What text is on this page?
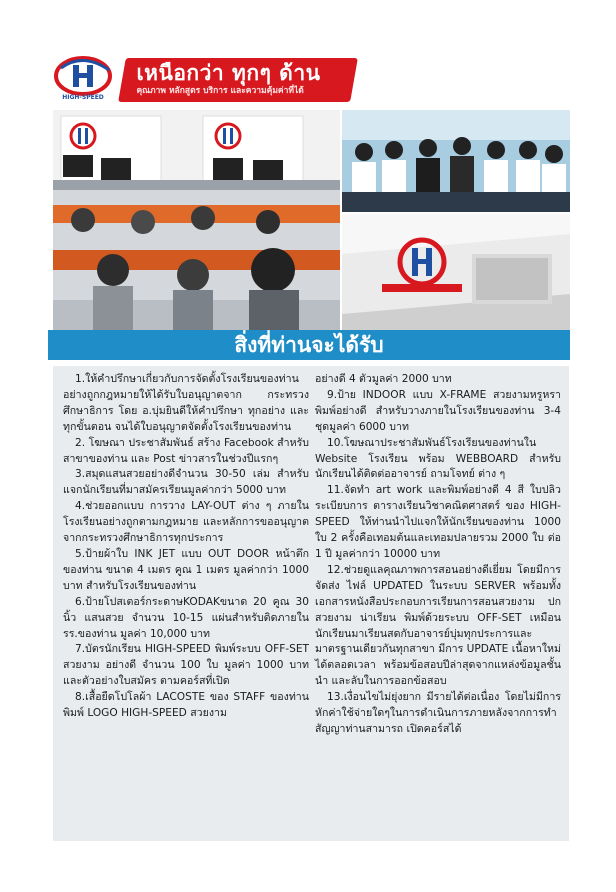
HIGH-SPEED
เหนือกว่า ทุกๆ ด้าน
คุณภาพ หลักสูตร บริการ และความคุ้มค่าที่ได้
สิ่งที่ท่านจะได้รับ

1.ให้คำปรึกษาเกี่ยวกับการจัดตั้งโรงเรียนของท่านอย่างถูกกฎหมายให้ได้รับใบอนุญาตจาก กระทรวงศึกษาธิการ โดย อ.บุ่มยินดีให้คำปรึกษา ทุกอย่าง และทุกขั้นตอน จนได้ใบอนุญาตจัดตั้งโรงเรียนของท่าน

2. โฆษณา ประชาสัมพันธ์ สร้าง Facebook สำหรับสาขาของท่าน และ Post ข่าวสารในช่วงปีแรกๆ

3.สมุดแสนสวยอย่างดีจำนวน 30-50 เล่ม สำหรับแจกนักเรียนที่มาสมัครเรียนมูลค่ากว่า 5000 บาท

4.ช่วยออกแบบ การวาง LAY-OUT ต่าง ๆ ภายในโรงเรียนอย่างถูกตามกฎหมาย และหลักการขออนุญาตจากกระทรวงศึกษาธิการทุกประการ

5.ป้ายผ้าใบ INK JET แบบ OUT DOOR หน้าตึกของท่าน ขนาด 4 เมตร คูณ 1 เมตร มูลค่ากว่า 1000 บาท สำหรับโรงเรียนของท่าน

6.ป้ายโปสเตอร์กระดาษKODAKขนาด 20 คูณ 30 นิ้ว แสนสวย จำนวน 10-15 แผ่นสำหรับติดภายใน รร.ของท่าน มูลค่า 10,000 บาท

7.บัตรนักเรียน HIGH-SPEED พิมพ์ระบบ OFF-SET สวยงาม อย่างดี จำนวน 100 ใบ มูลค่า 1000 บาท และตัวอย่างใบสมัคร ตามคอร์สที่เปิด

8.เสื้อยืดโปโลผ้า LACOSTE ของ STAFF ของท่าน พิมพ์ LOGO HIGH-SPEED สวยงาม

อย่างดี 4 ตัวมูลค่า 2000 บาท

9.ป้าย INDOOR แบบ X-FRAME สวยงามหรูหรา พิมพ์อย่างดี สำหรับวางภายในโรงเรียนของท่าน 3-4 ชุดมูลค่า 6000 บาท

10.โฆษณาประชาสัมพันธ์โรงเรียนของท่านใน Website โรงเรียน พร้อม WEBBOARD สำหรับนักเรียนได้ติดต่ออาจารย์ ถามโจทย์ ต่าง ๆ

11.จัดทำ art work และพิมพ์อย่างดี 4 สี ใบปลิวระเบียบการ ตารางเรียนวิชาคณิตศาสตร์ ของ HIGH-SPEED ให้ท่านนำไปแจกให้นักเรียนของท่าน 1000 ใบ 2 ครั้งคือเทอมต้นและเทอมปลายรวม 2000 ใบ ต่อ 1 ปี มูลค่ากว่า 10000 บาท

12.ช่วยดูแลคุณภาพการสอนอย่างดีเยี่ยม โดยมีการจัดส่ง ไฟล์ UPDATED ในระบบ SERVER พร้อมทั้งเอกสารหนังสือประกอบการเรียนการสอนสวยงาม ปกสวยงาม น่าเรียน พิมพ์ด้วยระบบ OFF-SET เหมือนนักเรียนมาเรียนสดกับอาจารย์บุ่มทุกประการและมาตรฐานเดียวกันทุกสาขา มีการ UPDATE เนื้อหาใหม่ได้ตลอดเวลา พร้อมข้อสอบปีล่าสุดจากแหล่งข้อมูลชั้นนำ และลับในการออกข้อสอบ

13.เงื่อนไขไม่ยุ่งยาก มีรายได้ต่อเนื่อง โดยไม่มีการหักค่าใช้จ่ายใดๆในการดำเนินการภายหลังจากการทำสัญญาท่านสามารถ เปิดคอร์สได้
